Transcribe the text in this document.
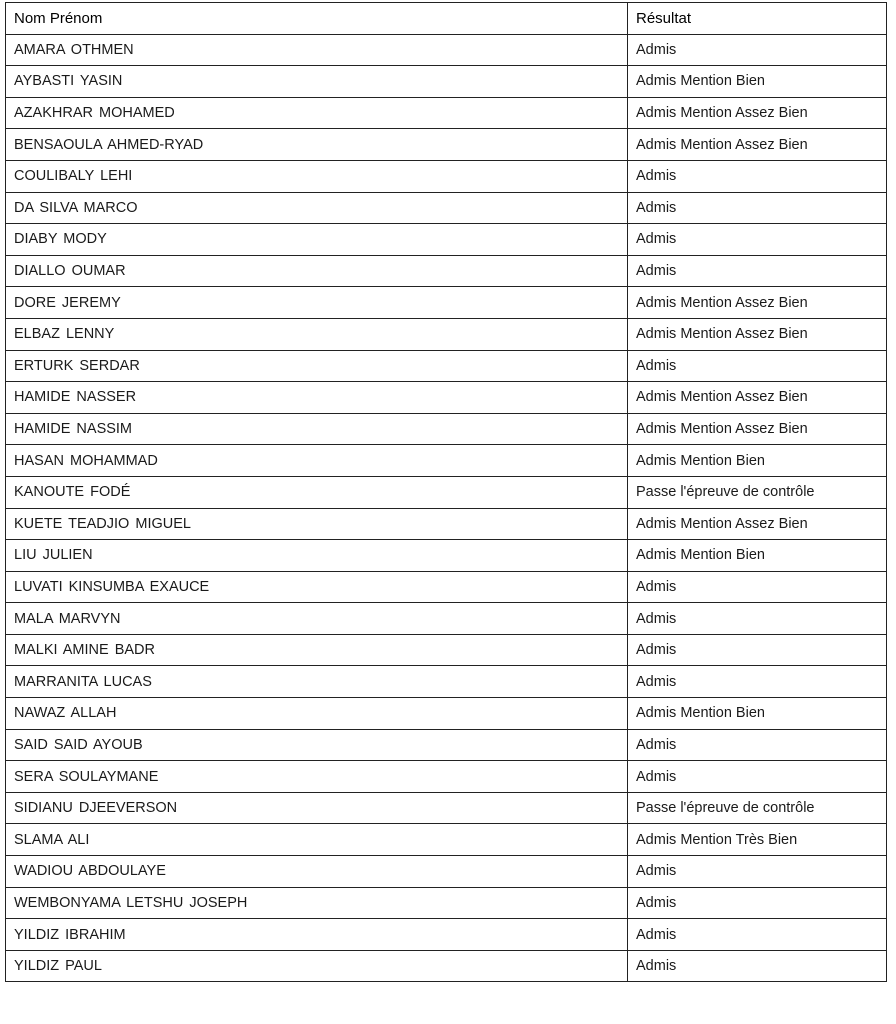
Nom Prénom	Résultat
AMARA OTHMEN	Admis
AYBASTI YASIN	Admis Mention Bien
AZAKHRAR MOHAMED	Admis Mention Assez Bien
BENSAOULA AHMED-RYAD	Admis Mention Assez Bien
COULIBALY LEHI	Admis
DA SILVA MARCO	Admis
DIABY MODY	Admis
DIALLO OUMAR	Admis
DORE JEREMY	Admis Mention Assez Bien
ELBAZ LENNY	Admis Mention Assez Bien
ERTURK SERDAR	Admis
HAMIDE NASSER	Admis Mention Assez Bien
HAMIDE NASSIM	Admis Mention Assez Bien
HASAN MOHAMMAD	Admis Mention Bien
KANOUTE FODÉ	Passe l'épreuve de contrôle
KUETE TEADJIO MIGUEL	Admis Mention Assez Bien
LIU JULIEN	Admis Mention Bien
LUVATI KINSUMBA EXAUCE	Admis
MALA MARVYN	Admis
MALKI AMINE BADR	Admis
MARRANITA LUCAS	Admis
NAWAZ ALLAH	Admis Mention Bien
SAID SAID AYOUB	Admis
SERA SOULAYMANE	Admis
SIDIANU DJEEVERSON	Passe l'épreuve de contrôle
SLAMA ALI	Admis Mention Très Bien
WADIOU ABDOULAYE	Admis
WEMBONYAMA LETSHU JOSEPH	Admis
YILDIZ IBRAHIM	Admis
YILDIZ PAUL	Admis
